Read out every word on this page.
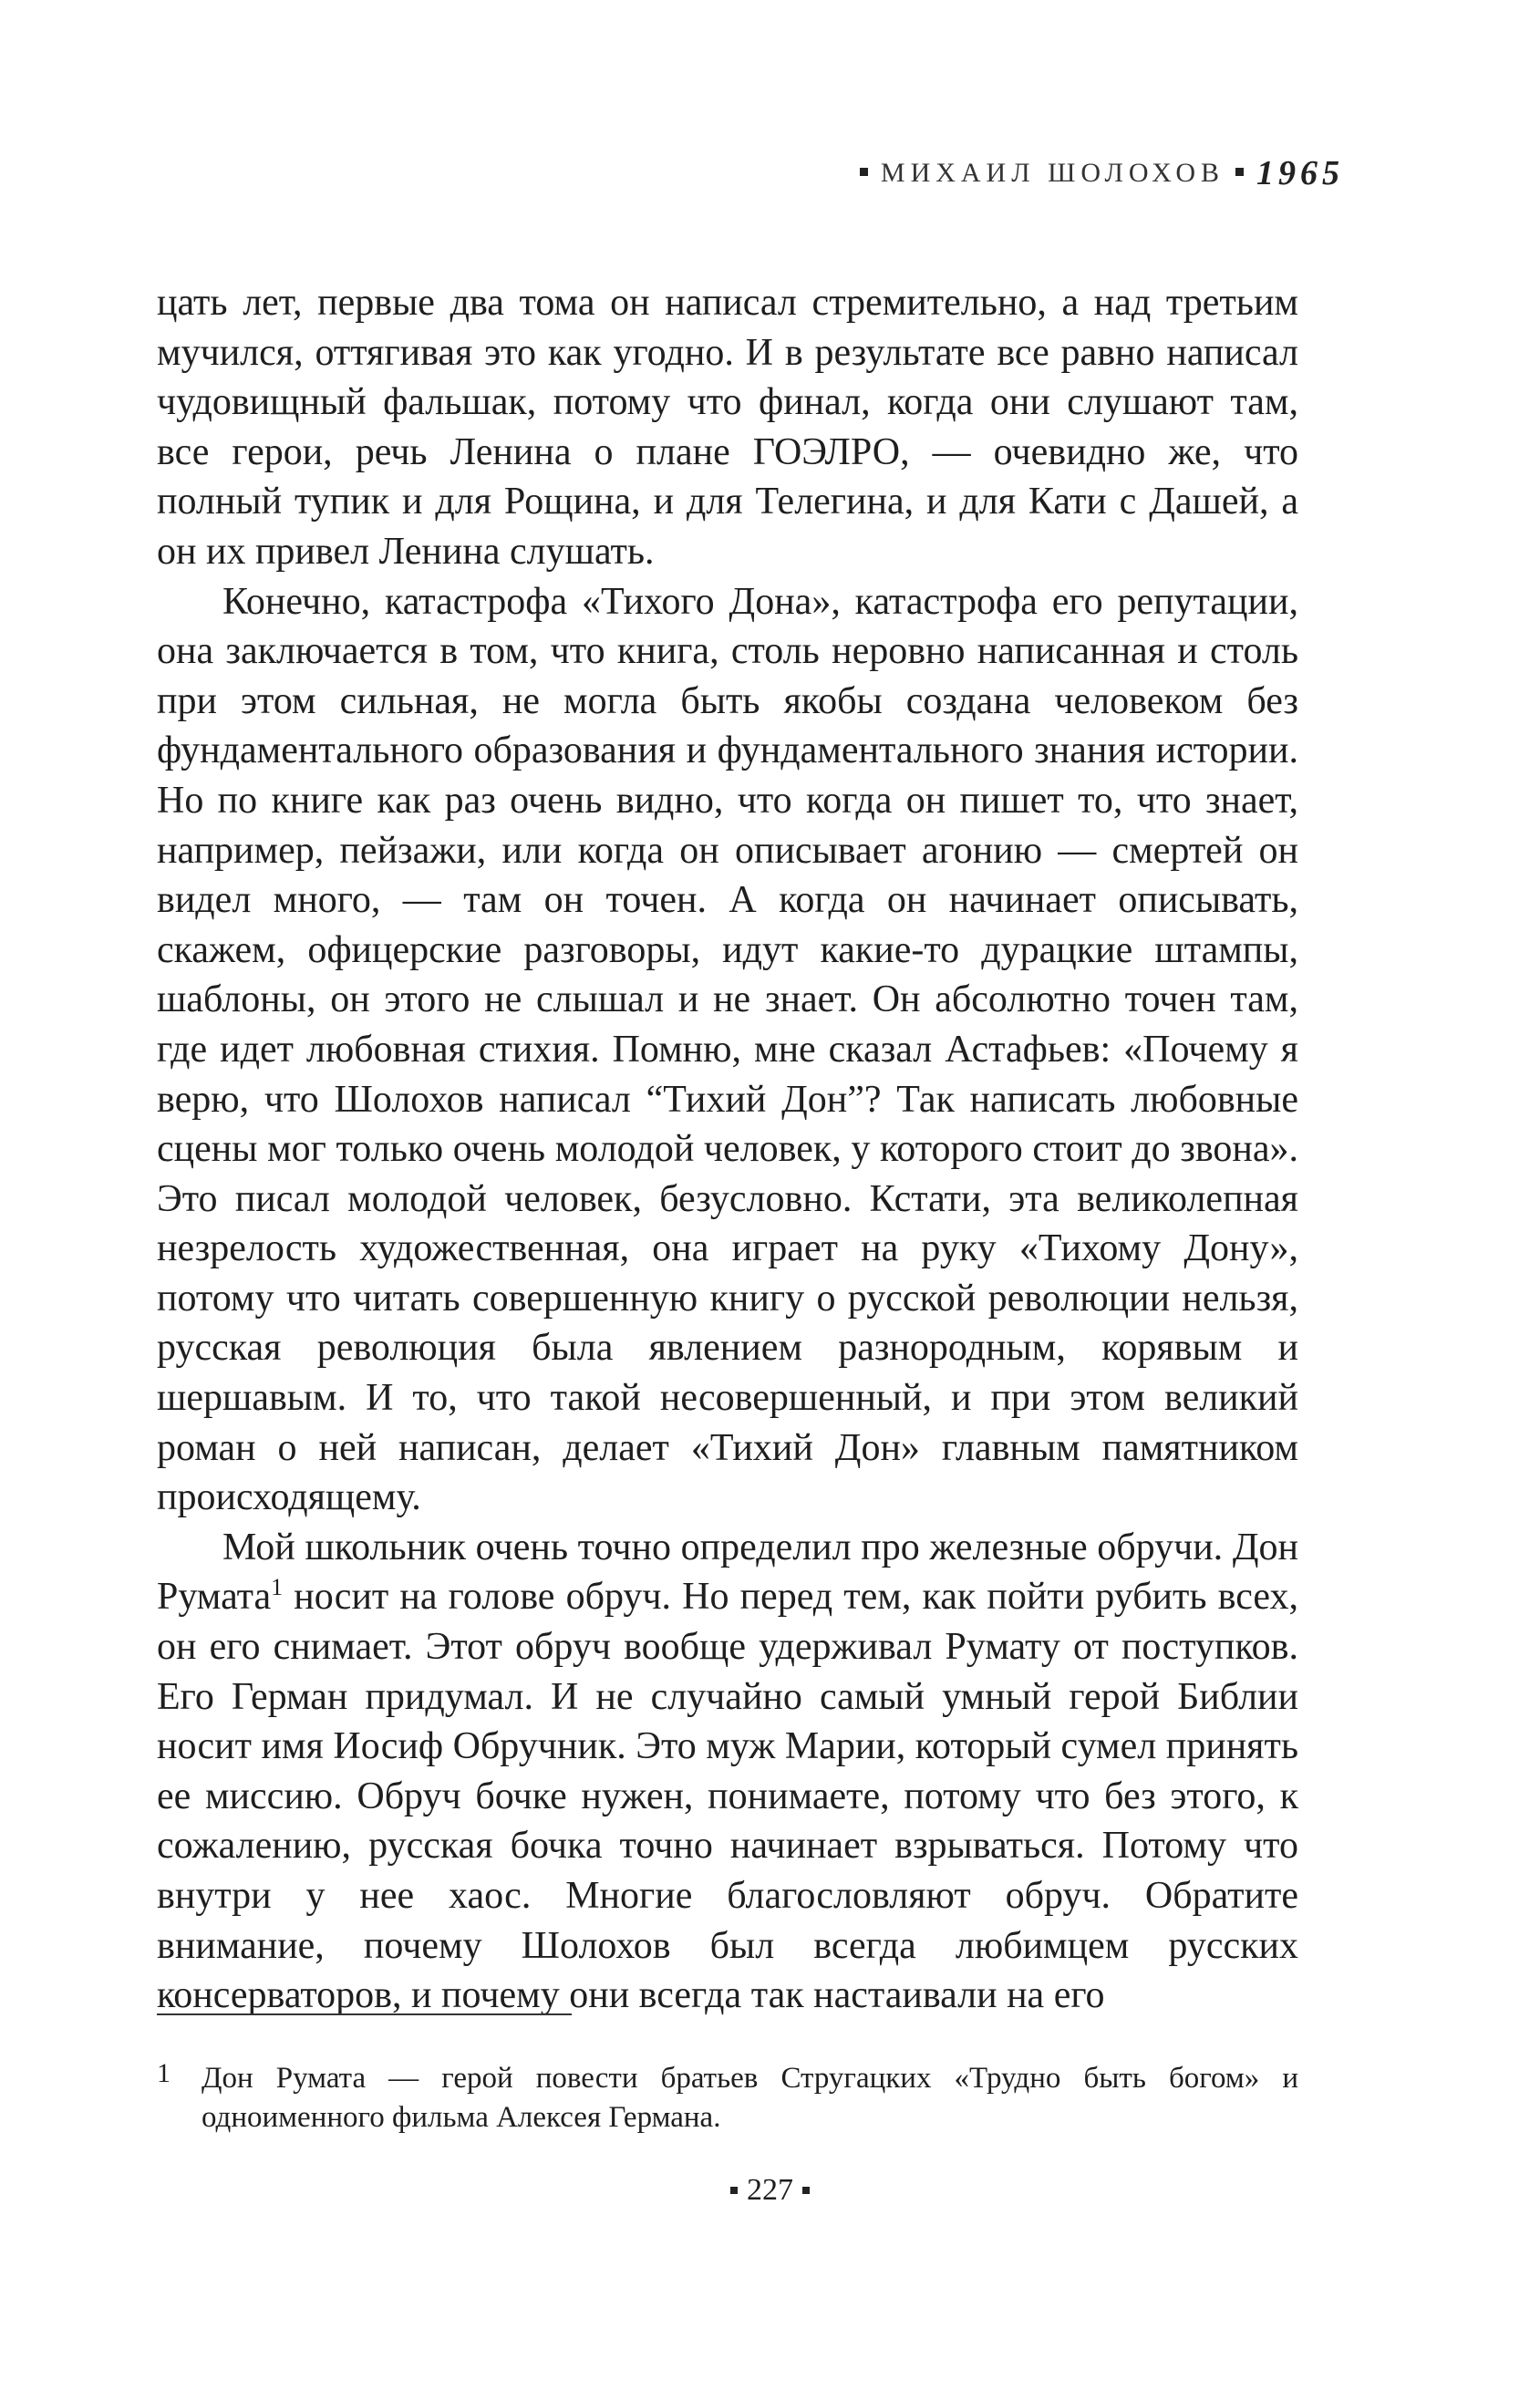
МИХАИЛ ШОЛОХОВ 1965

цать лет, первые два тома он написал стремительно, а над третьим мучился, оттягивая это как угодно. И в результате все равно написал чудовищный фальшак, потому что финал, когда они слушают там, все герои, речь Ленина о плане ГОЭЛРО, — очевидно же, что полный тупик и для Рощина, и для Телегина, и для Кати с Дашей, а он их привел Ленина слушать.

Конечно, катастрофа «Тихого Дона», катастрофа его репутации, она заключается в том, что книга, столь неровно написанная и столь при этом сильная, не могла быть якобы создана человеком без фундаментального образования и фундаментального знания истории. Но по книге как раз очень видно, что когда он пишет то, что знает, например, пейзажи, или когда он описывает агонию — смертей он видел много, — там он точен. А когда он начинает описывать, скажем, офицерские разговоры, идут какие-то дурацкие штампы, шаблоны, он этого не слышал и не знает. Он абсолютно точен там, где идет любовная стихия. Помню, мне сказал Астафьев: «Почему я верю, что Шолохов написал “Тихий Дон”? Так написать любовные сцены мог только очень молодой человек, у которого стоит до звона». Это писал молодой человек, безусловно. Кстати, эта великолепная незрелость художественная, она играет на руку «Тихому Дону», потому что читать совершенную книгу о русской революции нельзя, русская революция была явлением разнородным, корявым и шершавым. И то, что такой несовершенный, и при этом великий роман о ней написан, делает «Тихий Дон» главным памятником происходящему.

Мой школьник очень точно определил про железные обручи. Дон Румата$^1$ носит на голове обруч. Но перед тем, как пойти рубить всех, он его снимает. Этот обруч вообще удерживал Румату от поступков. Его Герман придумал. И не случайно самый умный герой Библии носит имя Иосиф Обручник. Это муж Марии, который сумел принять ее миссию. Обруч бочке нужен, понимаете, потому что без этого, к сожалению, русская бочка точно начинает взрываться. Потому что внутри у нее хаос. Многие благословляют обруч. Обратите внимание, почему Шолохов был всегда любимцем русских консерваторов, и почему они всегда так настаивали на его

1 Дон Румата — герой повести братьев Стругацких «Трудно быть богом» и одноименного фильма Алексея Германа.

227
